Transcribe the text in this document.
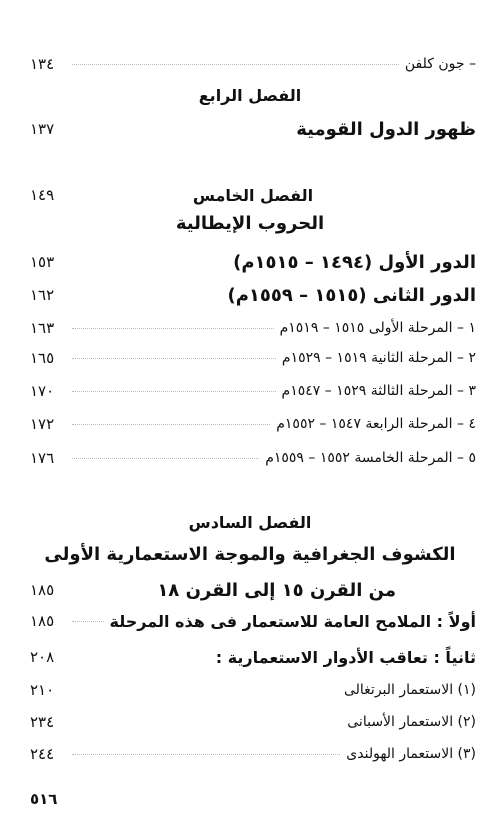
– جون كلفن
١٣٤
الفصل الرابع
ظهور الدول القومية
١٣٧
الفصل الخامس
١٤٩
الحروب الإيطالية
الدور الأول (١٤٩٤ – ١٥١٥م)
١٥٣
الدور الثانى (١٥١٥ – ١٥٥٩م)
١٦٢
١ – المرحلة الأولى ١٥١٥ – ١٥١٩م
١٦٣
٢ – المرحلة الثانية ١٥١٩ – ١٥٢٩م
١٦٥
٣ – المرحلة الثالثة ١٥٢٩ – ١٥٤٧م
١٧٠
٤ – المرحلة الرابعة ١٥٤٧ – ١٥٥٢م
١٧٢
٥ – المرحلة الخامسة ١٥٥٢ – ١٥٥٩م
١٧٦
الفصل السادس
الكشوف الجغرافية والموجة الاستعمارية الأولى
من القرن ١٥ إلى القرن ١٨
١٨٥
أولاً : الملامح العامة للاستعمار فى هذه المرحلة
١٨٥
ثانياً : تعاقب الأدوار الاستعمارية :
٢٠٨
(١) الاستعمار البرتغالى
٢١٠
(٢) الاستعمار الأسبانى
٢٣٤
(٣) الاستعمار الهولندى
٢٤٤
٥١٦
